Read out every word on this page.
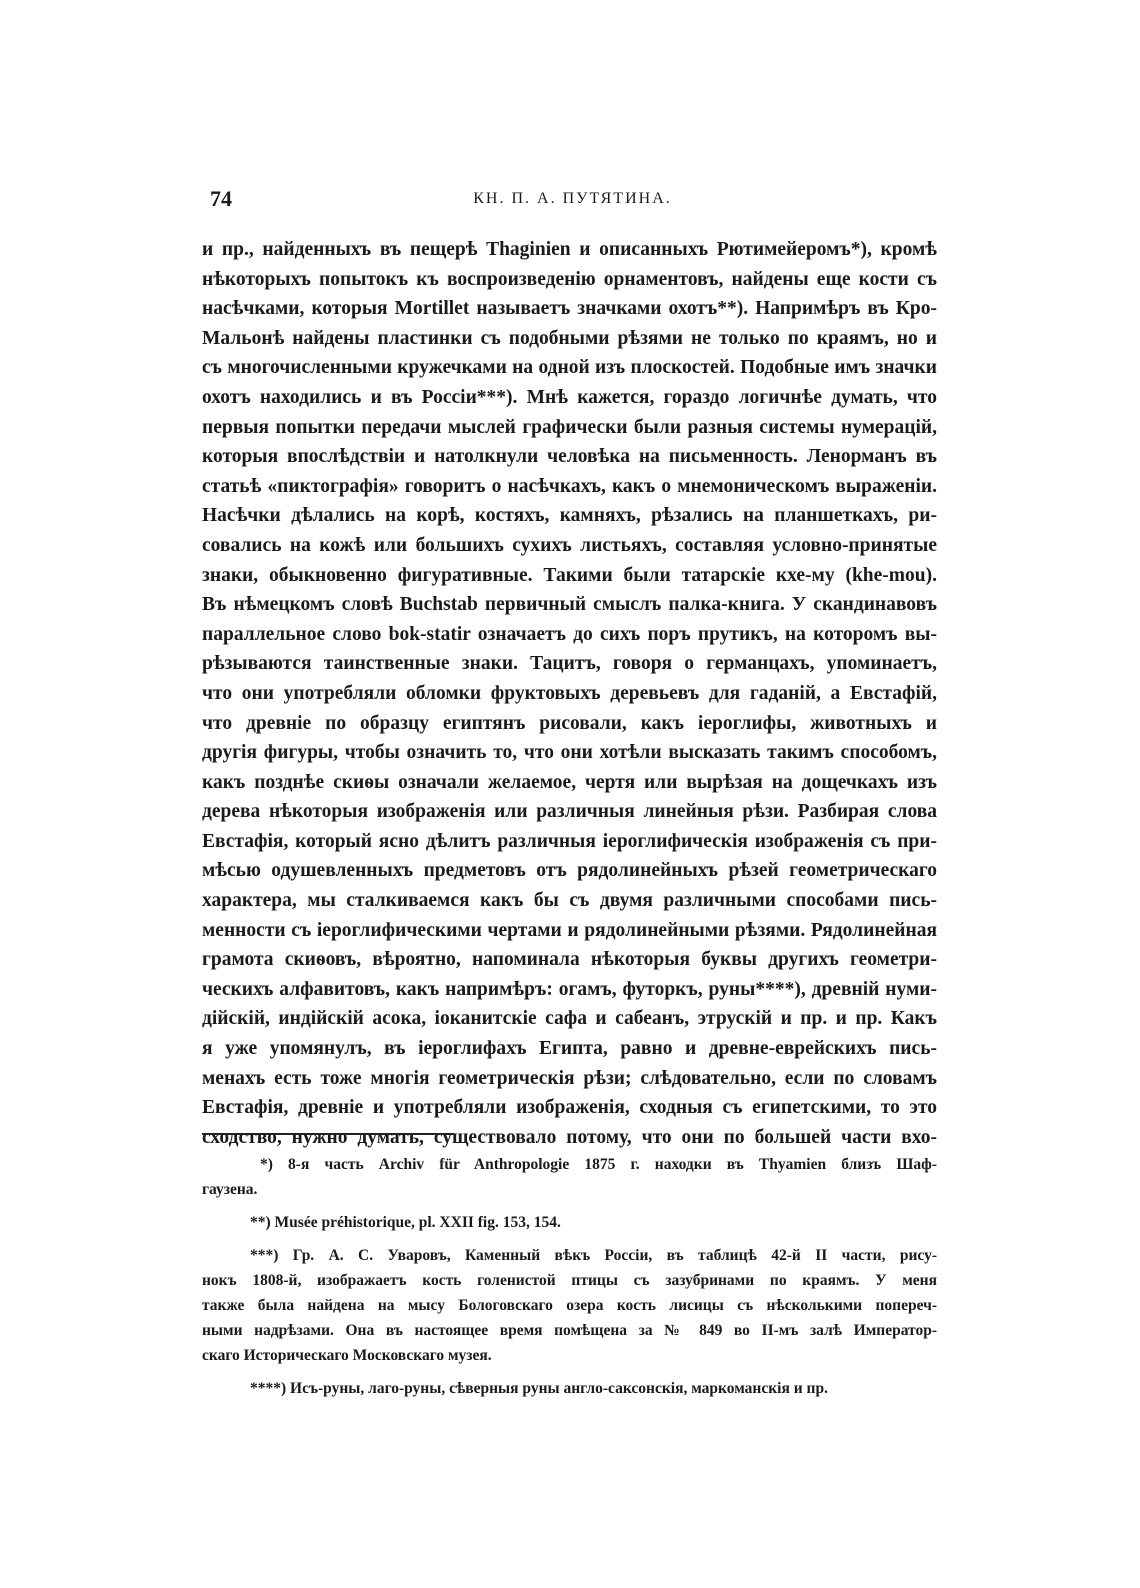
74	КН. П. А. ПУТЯТИНА.
и пр., найденныхъ въ пещерѣ Thaginien и описанныхъ Рютимейеромъ*), кромѣ
нѣкоторыхъ попытокъ къ воспроизведенію орнаментовъ, найдены еще кости съ
насѣчками, которыя Mortillet называетъ значками охотъ**). Напримѣръ въ Кро-
Мальонѣ найдены пластинки съ подобными рѣзями не только по краямъ, но и
съ многочисленными кружечками на одной изъ плоскостей. Подобные имъ значки
охотъ находились и въ Россіи***). Мнѣ кажется, гораздо логичнѣе думать, что
первыя попытки передачи мыслей графически были разныя системы нумерацій,
которыя впослѣдствіи и натолкнули человѣка на письменность. Ленорманъ въ
статьѣ «пиктографія» говоритъ о насѣчкахъ, какъ о мнемоническомъ выраженіи.
Насѣчки дѣлались на корѣ, костяхъ, камняхъ, рѣзались на планшеткахъ, ри-
совались на кожѣ или большихъ сухихъ листьяхъ, составляя условно-принятые
знаки, обыкновенно фигуративные. Такими были татарскіе кхе-му (khe-mou).
Въ нѣмецкомъ словѣ Buchstab первичный смыслъ палка-книга. У скандинавовъ
параллельное слово bok-statir означаетъ до сихъ поръ прутикъ, на которомъ вы-
рѣзываются таинственные знаки. Тацитъ, говоря о германцахъ, упоминаетъ,
что они употребляли обломки фруктовыхъ деревьевъ для гаданій, а Евстафій,
что древніе по образцу египтянъ рисовали, какъ іероглифы, животныхъ и
другія фигуры, чтобы означить то, что они хотѣли высказать такимъ способомъ,
какъ позднѣе скиѳы означали желаемое, чертя или вырѣзая на дощечкахъ изъ
дерева нѣкоторыя изображенія или различныя линейныя рѣзи. Разбирая слова
Евстафія, который ясно дѣлитъ различныя іероглифическія изображенія съ при-
мѣсью одушевленныхъ предметовъ отъ рядолинейныхъ рѣзей геометрическаго
характера, мы сталкиваемся какъ бы съ двумя различными способами пись-
менности съ іероглифическими чертами и рядолинейными рѣзями. Рядолинейная
грамота скиѳовъ, вѣроятно, напоминала нѣкоторыя буквы другихъ геометри-
ческихъ алфавитовъ, какъ напримѣръ: огамъ, футоркъ, руны****), древній нуми-
дійскій, индійскій асока, іоканитскіе сафа и сабеанъ, этрускій и пр. и пр. Какъ
я уже упомянулъ, въ іероглифахъ Египта, равно и древне-еврейскихъ пись-
менахъ есть тоже многія геометрическія рѣзи; слѣдовательно, если по словамъ
Евстафія, древніе и употребляли изображенія, сходныя съ египетскими, то это
сходство, нужно думать, существовало потому, что они по большей части вхо-
*) 8-я часть Archiv für Anthropologie 1875 г. находки въ Thyamien близъ Шаф-
гаузена.
**) Musée préhistorique, pl. XXII fig. 153, 154.
***) Гр. А. С. Уваровъ, Каменный вѣкъ Россіи, въ таблицѣ 42-й II части, рису-
нокъ 1808-й, изображаетъ кость голенистой птицы съ зазубринами по краямъ. У меня
также была найдена на мысу Бологовскаго озера кость лисицы съ нѣсколькими попереч-
ными надрѣзами. Она въ настоящее время помѣщена за № 849 во II-мъ залѣ Император-
скаго Историческаго Московскаго музея.
****) Исъ-руны, лаго-руны, сѣверныя руны англо-саксонскія, маркоманскія и пр.
